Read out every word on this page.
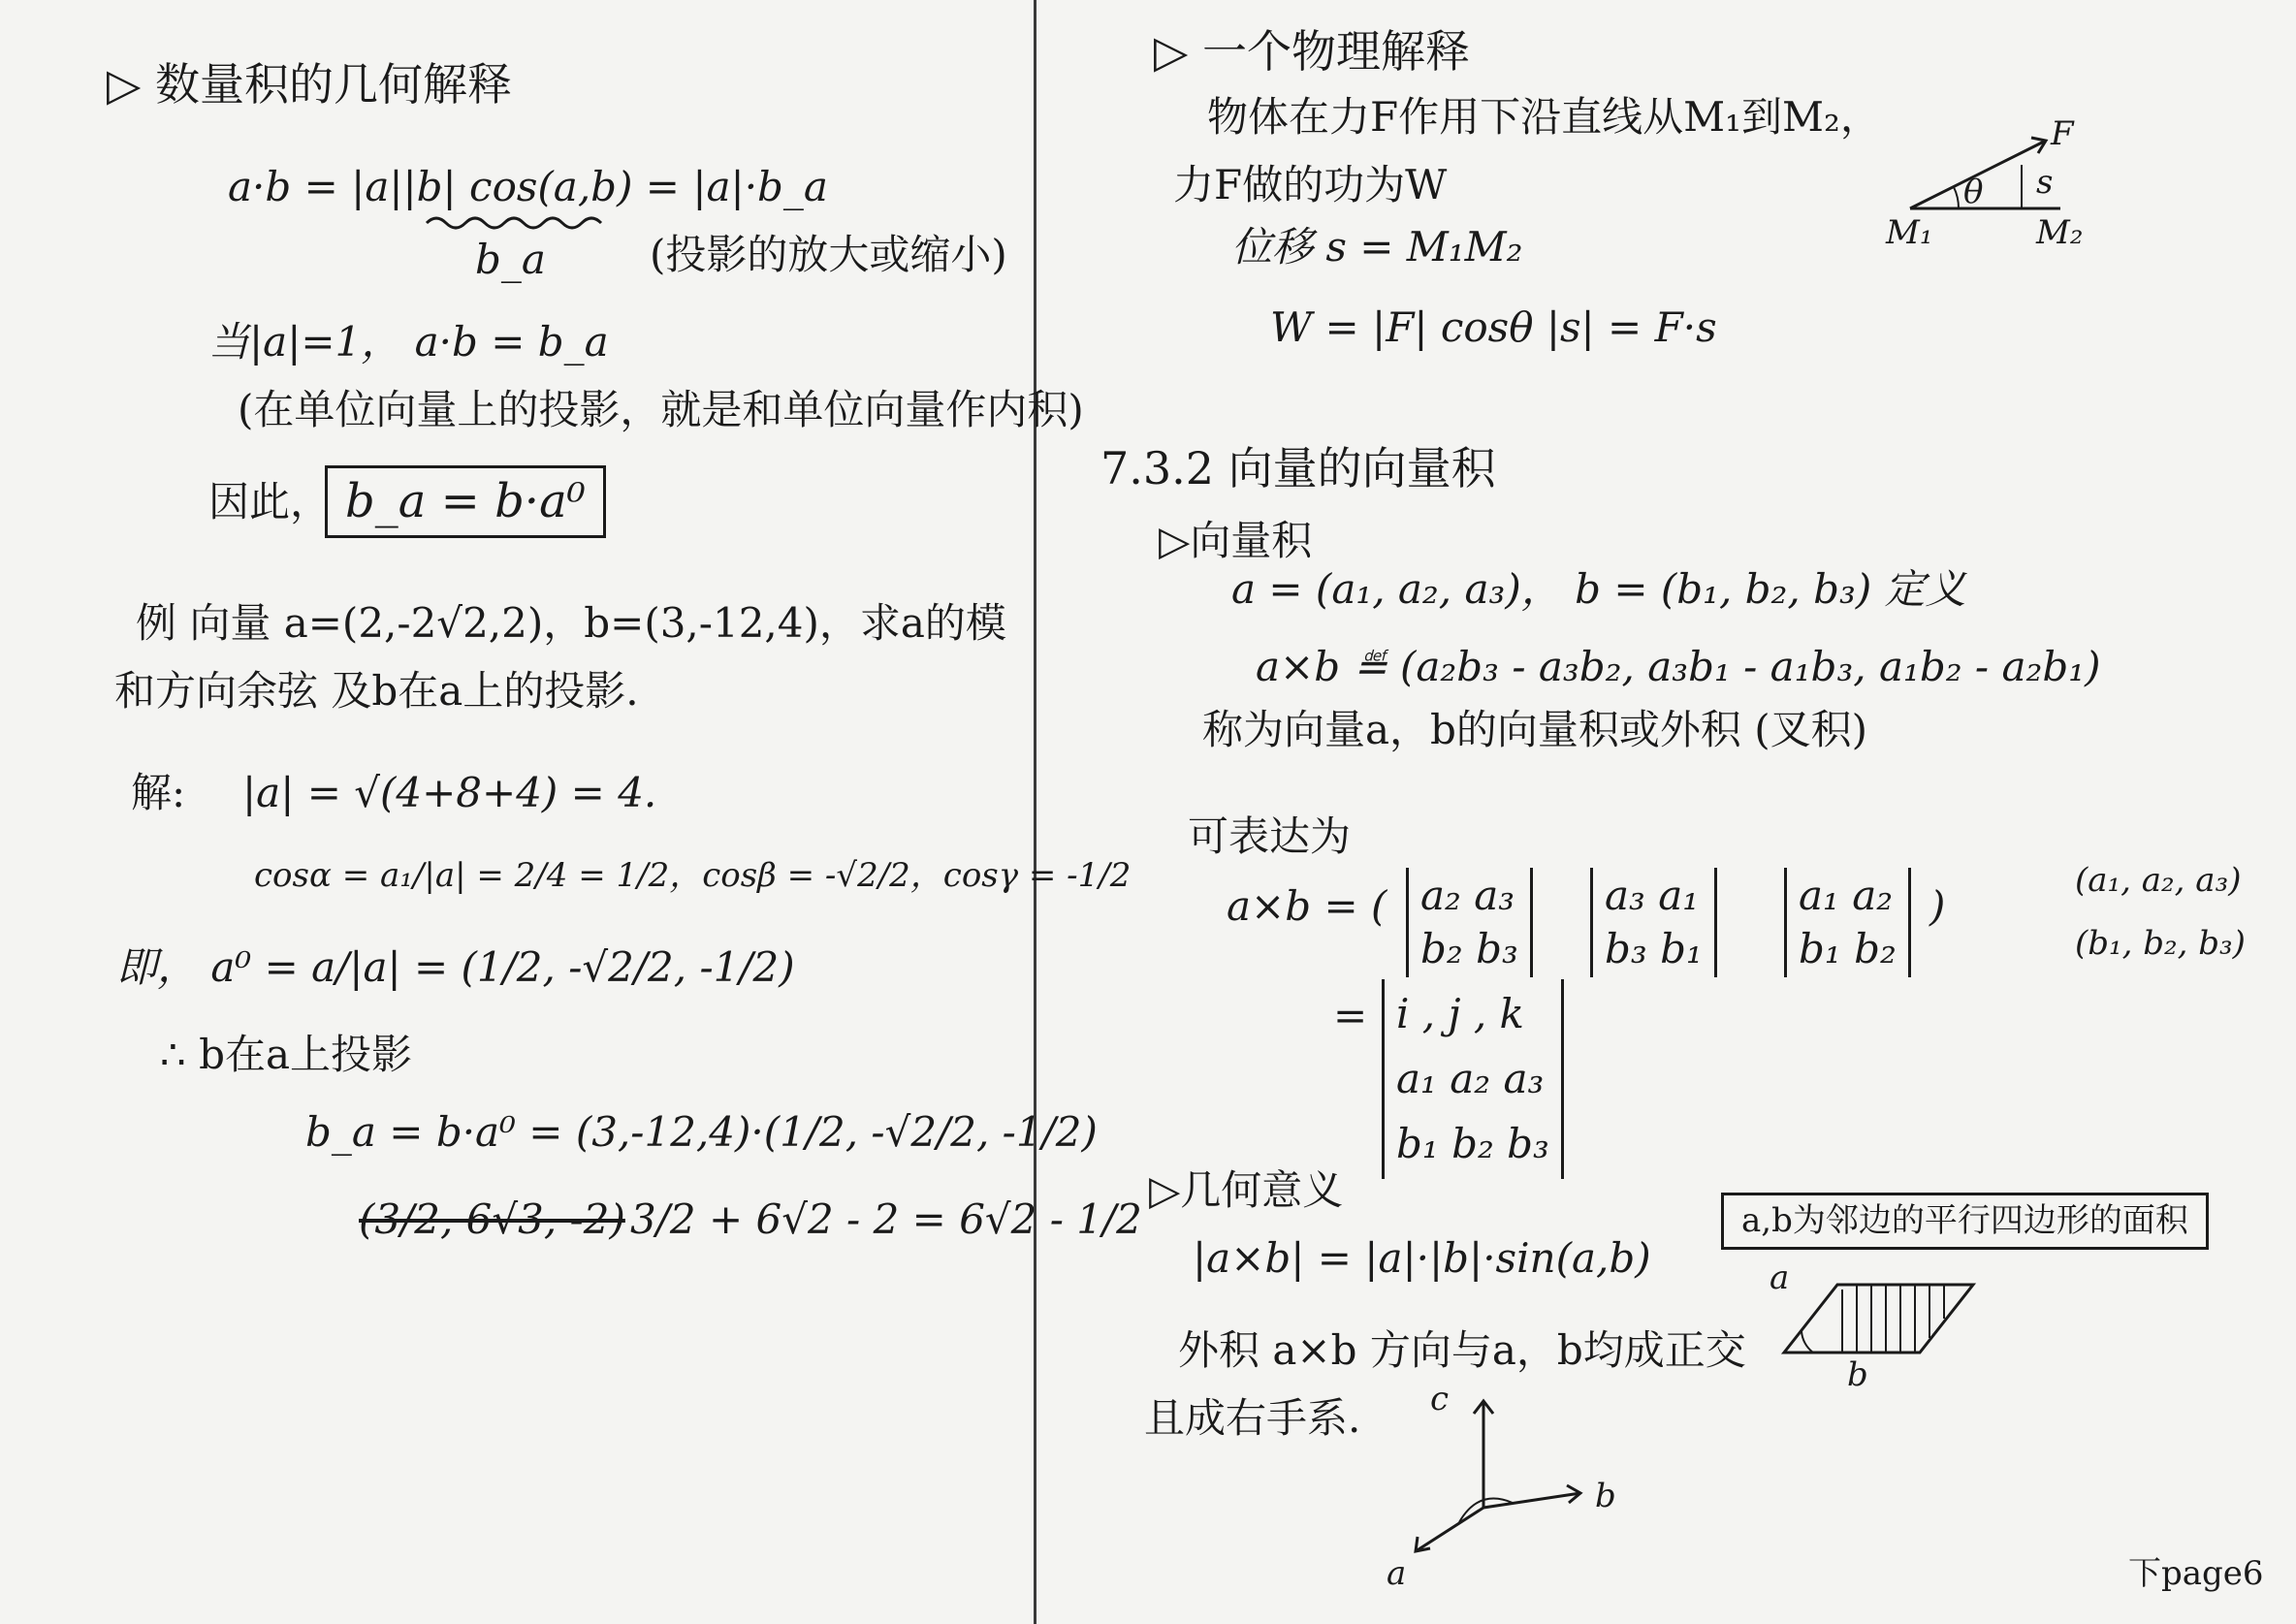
▷ 数量积的几何解释
a·b = |a||b| cos(a,b) = |a|·b_a
b_a	(投影的放大或缩小)
当|a|=1， a·b = b_a
(在单位向量上的投影，就是和单位向量作内积)
因此， b_a = b·a⁰
例 向量 a=(2,-2√2,2)，b=(3,-12,4)，求a的模
和方向余弦 及b在a上的投影.
解: |a| = √(4+8+4) = 4.
cosα = a₁/|a| = 2/4 = 1/2，cosβ = -√2/2，cosγ = -1/2
即， a⁰ = a/|a| = (1/2, -√2/2, -1/2)
∴ b在a上投影
b_a = b·a⁰ = (3,-12,4)·(1/2, -√2/2, -1/2)
(3/2, 6√3, -2) 3/2 + 6√2 - 2 = 6√2 - 1/2
▷ 一个物理解释
物体在力F作用下沿直线从M₁到M₂，
力F做的功为W
位移 s = M₁M₂
W = |F| cosθ |s| = F·s
F
θ s
M₁	M₂
7.3.2 向量的向量积
▷向量积
a = (a₁, a₂, a₃)， b = (b₁, b₂, b₃) 定义
a×b ≝ (a₂b₃ - a₃b₂, a₃b₁ - a₁b₃, a₁b₂ - a₂b₁)
称为向量a，b的向量积或外积 (叉积)
可表达为
a×b = ( a₂ a₃
b₂ b₃
a₃ a₁
b₃ b₁
a₁ a₂
b₁ b₂
)
(a₁, a₂, a₃)
(b₁, b₂, b₃)
= i , j , k
a₁ a₂ a₃
b₁ b₂ b₃
▷几何意义
|a×b| = |a|·|b|·sin(a,b)
a,b为邻边的平行四边形的面积
a
b
外积 a×b 方向与a，b均成正交
且成右手系. c
b
a	下page6
